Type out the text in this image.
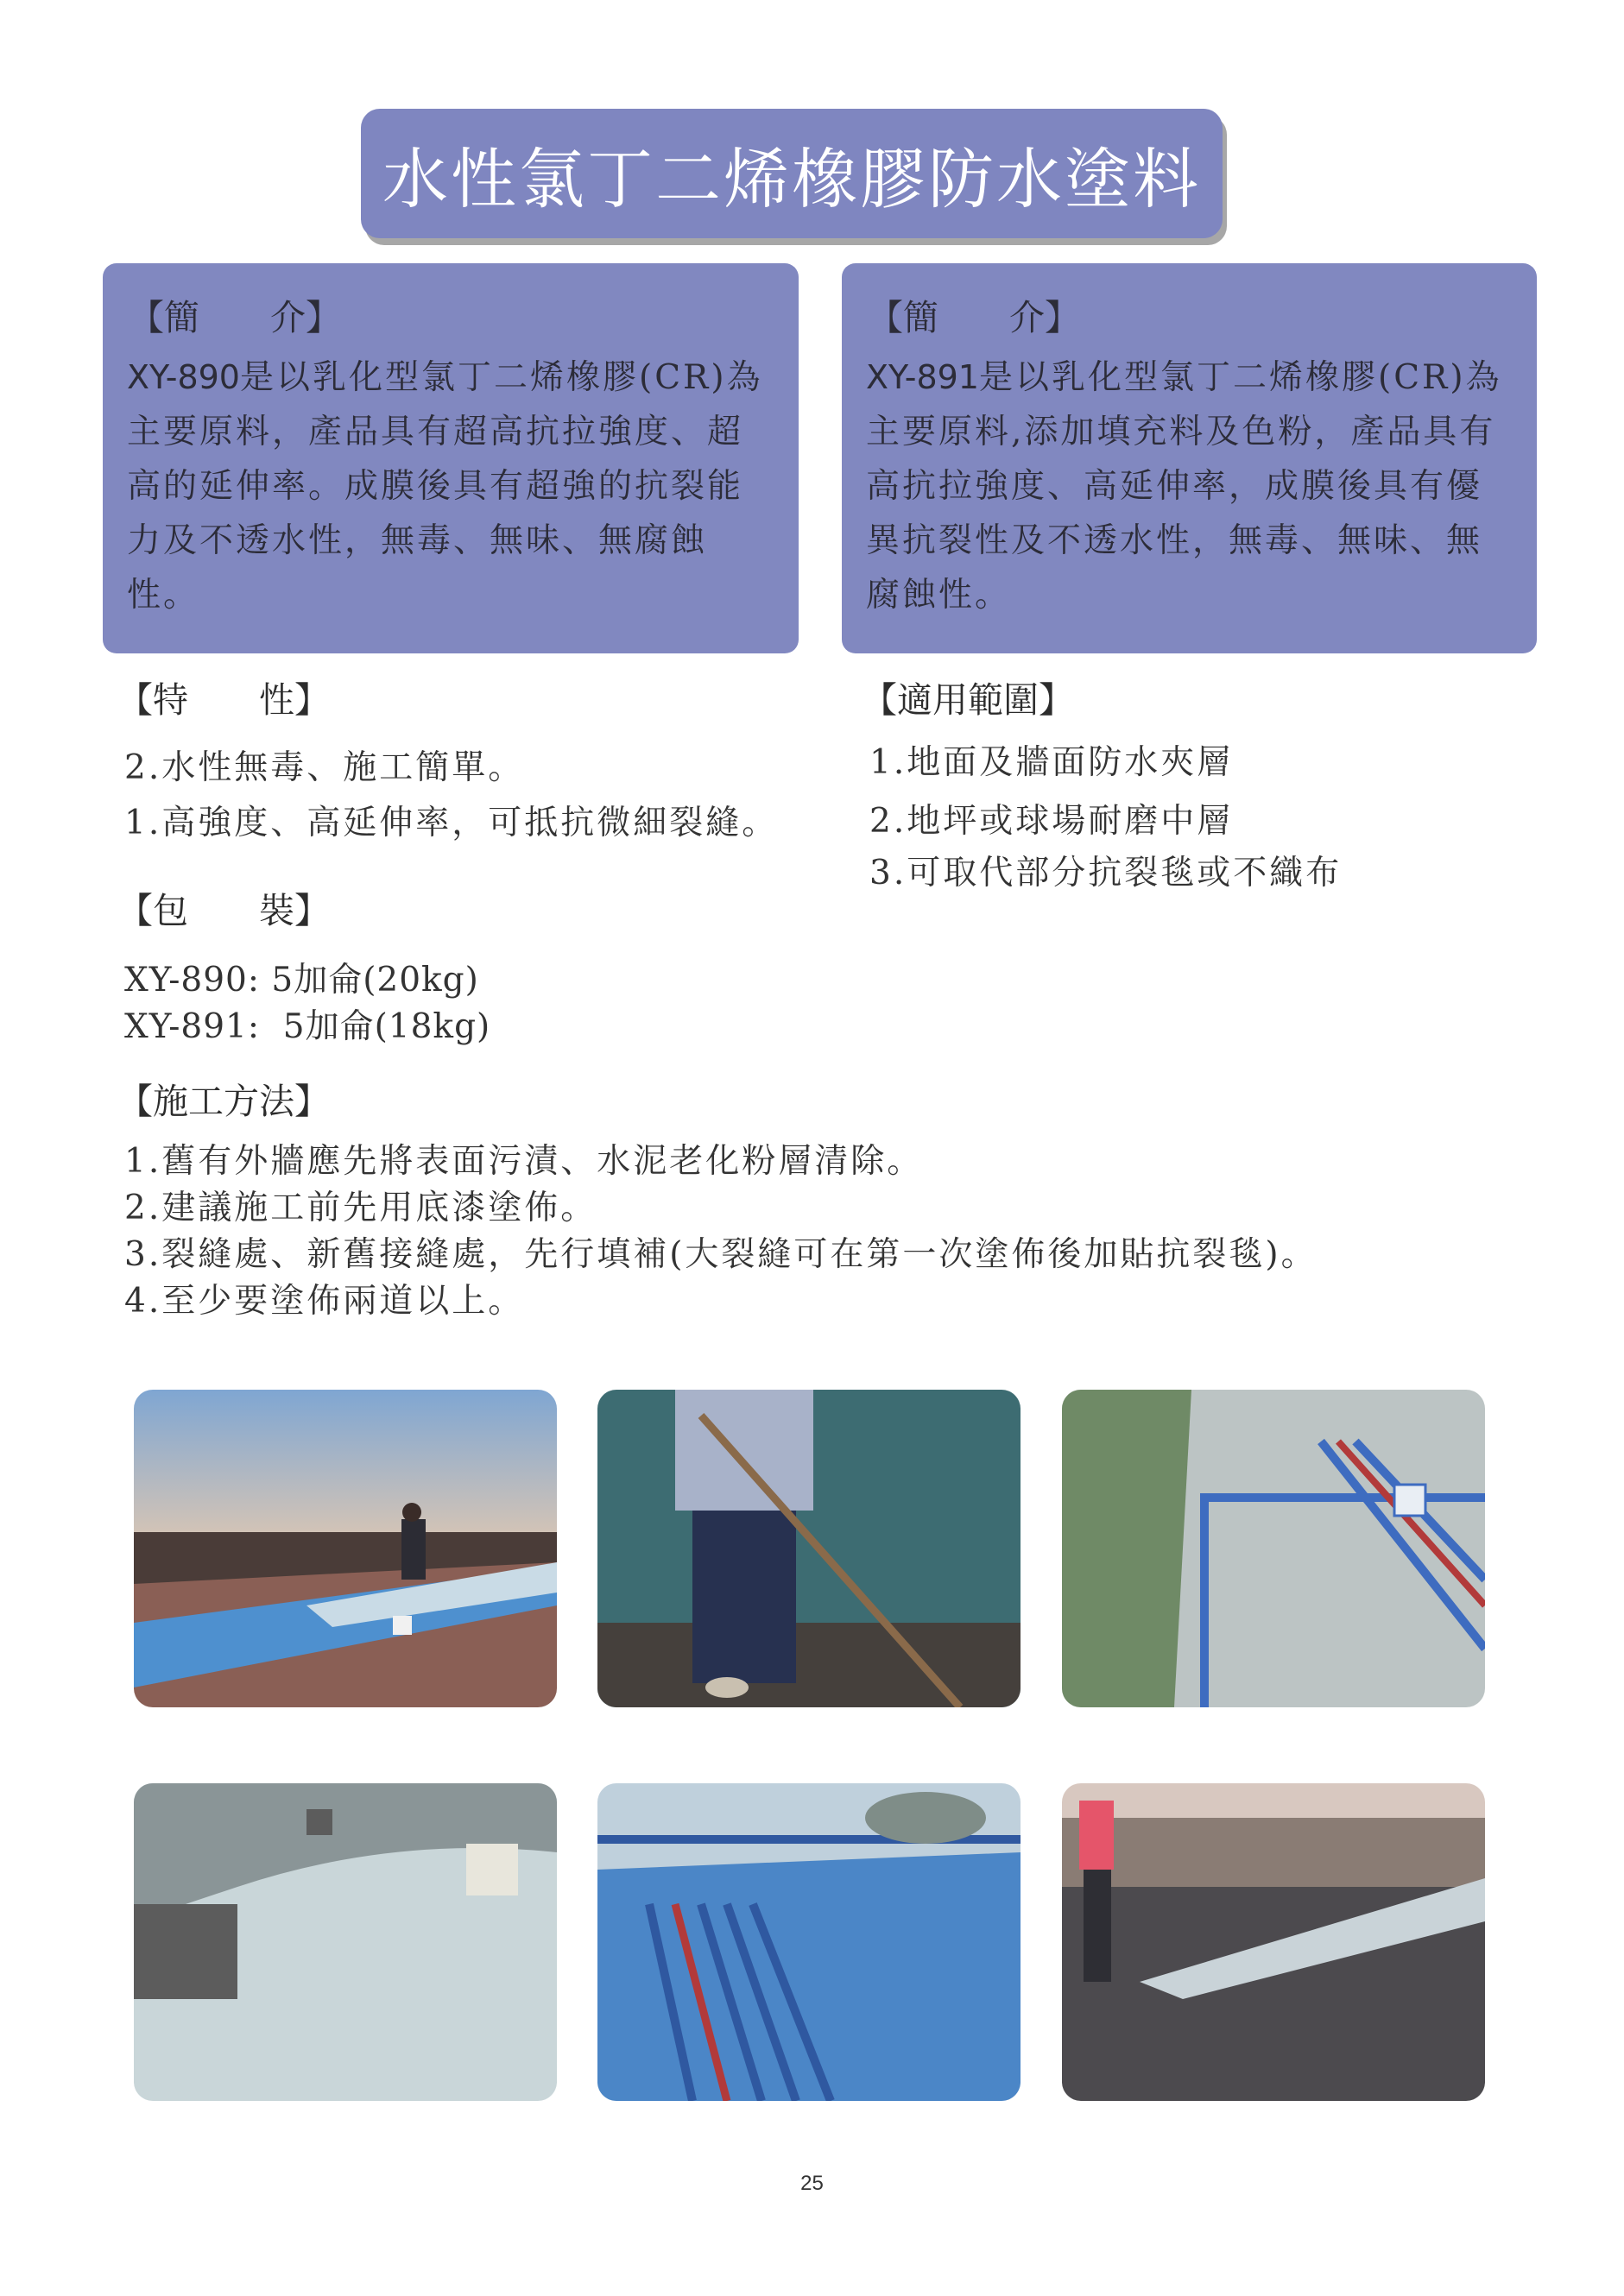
水性氯丁二烯橡膠防水塗料
【簡　　介】
XY-890是以乳化型氯丁二烯橡膠(CR)為主要原料，產品具有超高抗拉強度、超高的延伸率。成膜後具有超強的抗裂能力及不透水性，無毒、無味、無腐蝕性。
【簡　　介】
XY-891是以乳化型氯丁二烯橡膠(CR)為主要原料,添加填充料及色粉，產品具有高抗拉強度、高延伸率，成膜後具有優異抗裂性及不透水性，無毒、無味、無腐蝕性。
【特　　性】
2.水性無毒、施工簡單。
1.高強度、高延伸率，可抵抗微細裂縫。
【適用範圍】
1.地面及牆面防水夾層
2.地坪或球場耐磨中層
3.可取代部分抗裂毯或不織布
【包　　裝】
XY-890: 5加侖(20kg)
XY-891:  5加侖(18kg)
【施工方法】
1.舊有外牆應先將表面污漬、水泥老化粉層清除。
2.建議施工前先用底漆塗佈。
3.裂縫處、新舊接縫處，先行填補(大裂縫可在第一次塗佈後加貼抗裂毯)。
4.至少要塗佈兩道以上。
25
